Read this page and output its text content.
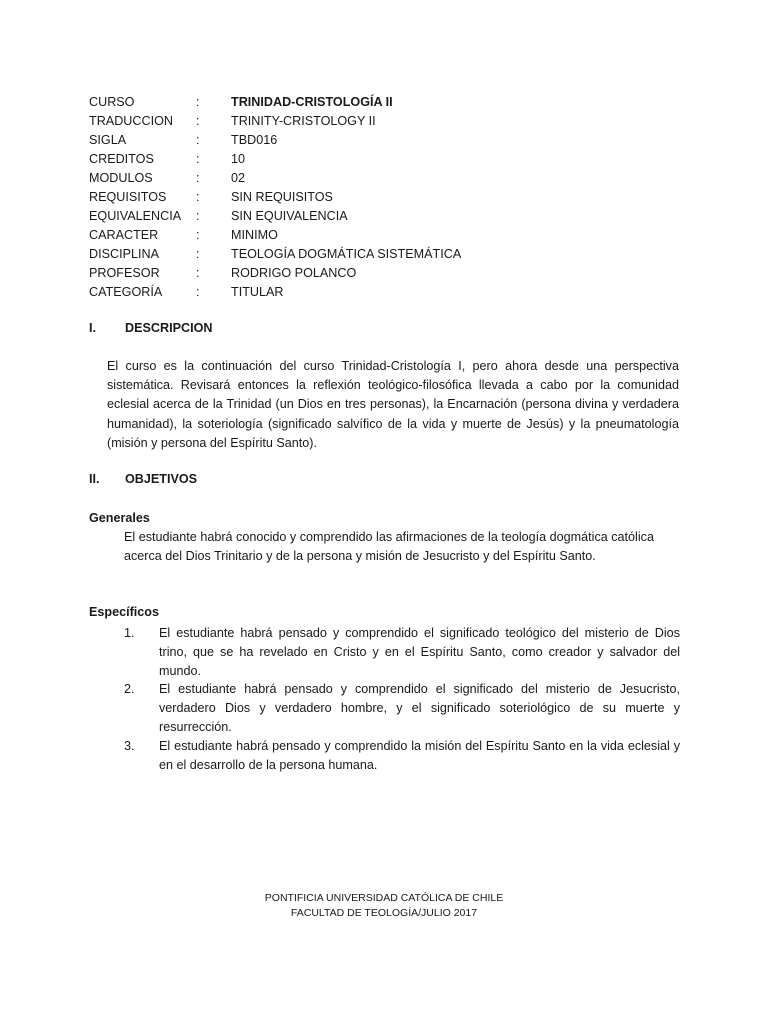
CURSO	:	TRINIDAD-CRISTOLOGÍA II
TRADUCCION :	TRINITY-CRISTOLOGY II
SIGLA	:	TBD016
CREDITOS	:	10
MODULOS	:	02
REQUISITOS :	SIN REQUISITOS
EQUIVALENCIA :	SIN EQUIVALENCIA
CARACTER	:	MINIMO
DISCIPLINA	:	TEOLOGÍA DOGMÁTICA SISTEMÁTICA
PROFESOR	:	RODRIGO POLANCO
CATEGORÍA	:	TITULAR
I. DESCRIPCION

El curso es la continuación del curso Trinidad-Cristología I, pero ahora desde una perspectiva sistemática. Revisará entonces la reflexión teológico-filosófica llevada a cabo por la comunidad eclesial acerca de la Trinidad (un Dios en tres personas), la Encarnación (persona divina y verdadera humanidad), la soteriología (significado salvífico de la vida y muerte de Jesús) y la pneumatología (misión y persona del Espíritu Santo).

II. OBJETIVOS
Generales

El estudiante habrá conocido y comprendido las afirmaciones de la teología dogmática católica acerca del Dios Trinitario y de la persona y misión de Jesucristo y del Espíritu Santo.

Específicos
1. El estudiante habrá pensado y comprendido el significado teológico del misterio de Dios trino, que se ha revelado en Cristo y en el Espíritu Santo, como creador y salvador del mundo.
2. El estudiante habrá pensado y comprendido el significado del misterio de Jesucristo, verdadero Dios y verdadero hombre, y el significado soteriológico de su muerte y resurrección.
3. El estudiante habrá pensado y comprendido la misión del Espíritu Santo en la vida eclesial y en el desarrollo de la persona humana.
PONTIFICIA UNIVERSIDAD CATÓLICA DE CHILE
FACULTAD DE TEOLOGÍA/JULIO 2017
